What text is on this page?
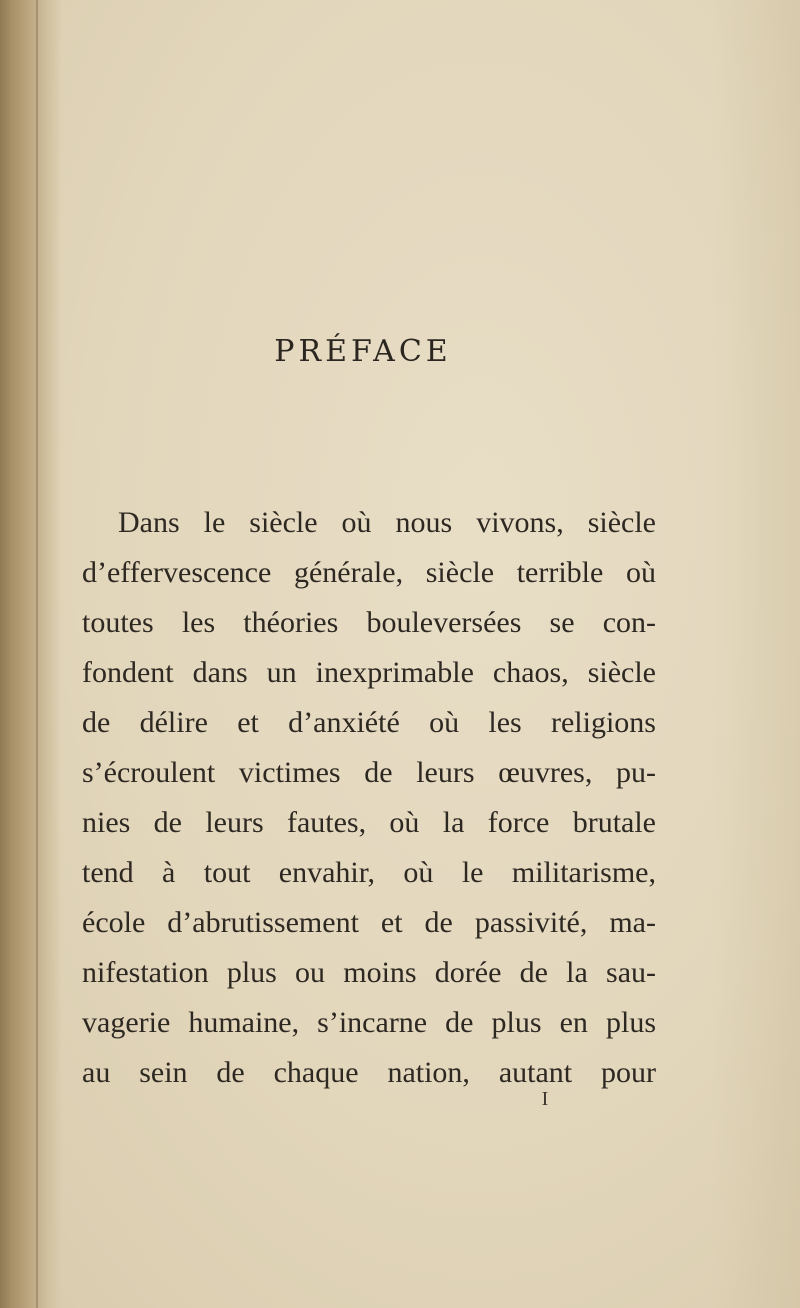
PRÉFACE
Dans le siècle où nous vivons, siècle
d’effervescence générale, siècle terrible où
toutes les théories bouleversées se con-
fondent dans un inexprimable chaos, siècle
de délire et d’anxiété où les religions
s’écroulent victimes de leurs œuvres, pu-
nies de leurs fautes, où la force brutale
tend à tout envahir, où le militarisme,
école d’abrutissement et de passivité, ma-
nifestation plus ou moins dorée de la sau-
vagerie humaine, s’incarne de plus en plus
au sein de chaque nation, autant pour

I
